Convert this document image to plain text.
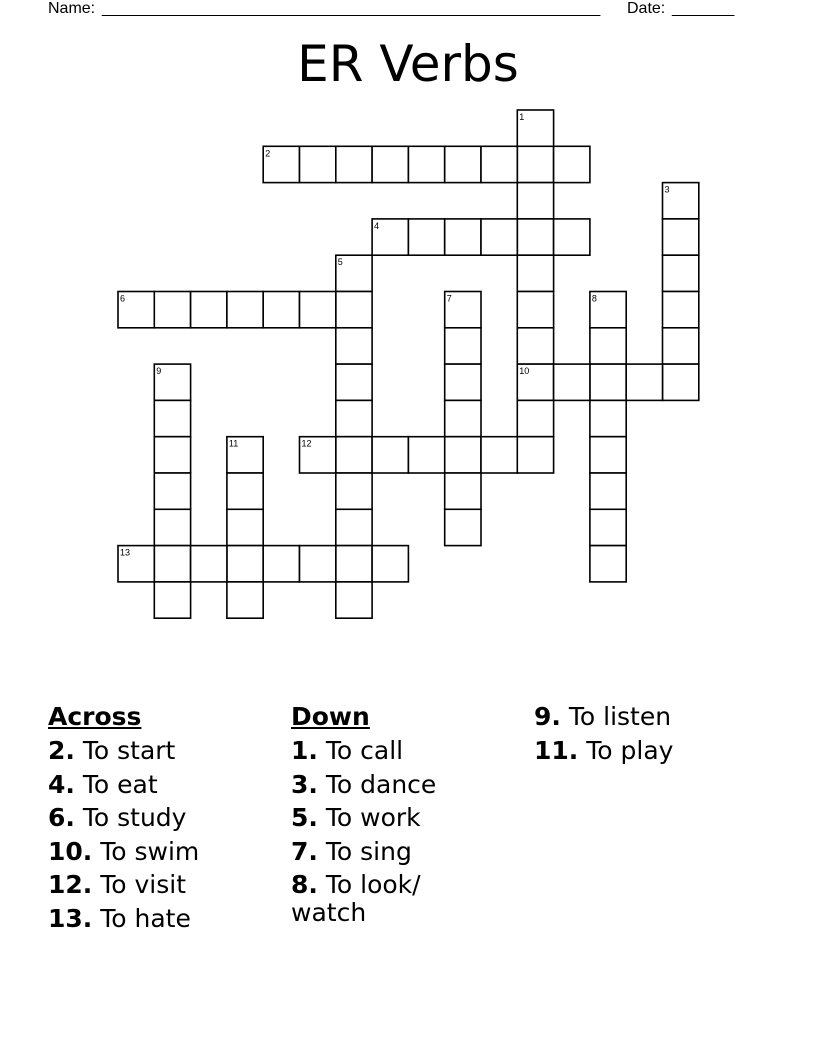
Name: ________________________________________________________ Date: _______
ER Verbs
1
2
3
4
5
6	7	8
9	10
11	12
13
Across
2. To start
4. To eat
6. To study
10. To swim
12. To visit
13. To hate
Down
1. To call
3. To dance
5. To work
7. To sing
8. To look/ watch
9. To listen
11. To play
